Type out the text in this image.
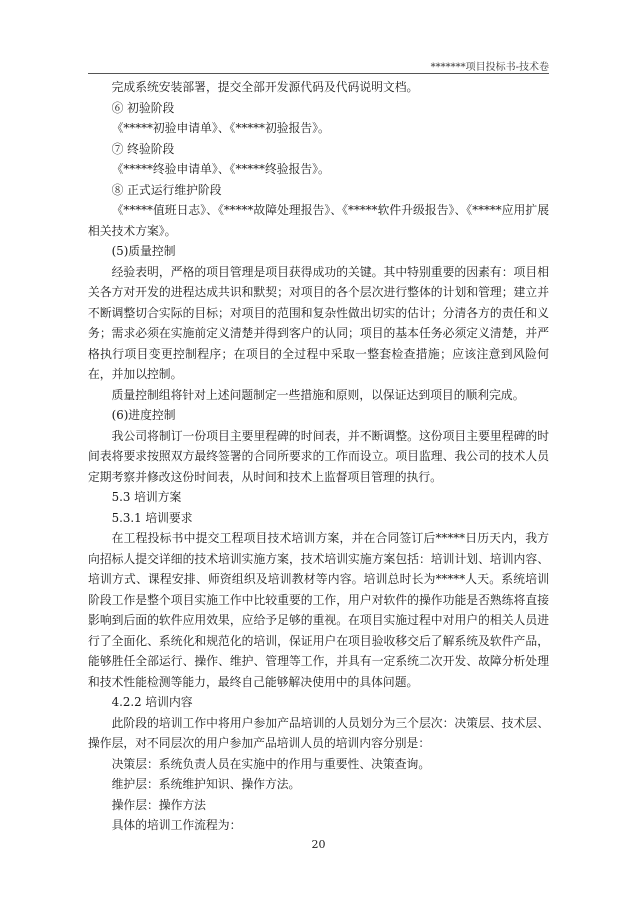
*******项目投标书-技术卷

完成系统安装部署，提交全部开发源代码及代码说明文档。

⑥ 初验阶段

《*****初验申请单》、《*****初验报告》。

⑦ 终验阶段

《*****终验申请单》、《*****终验报告》。

⑧ 正式运行维护阶段

《*****值班日志》、《*****故障处理报告》、《*****软件升级报告》、《*****应用扩展相关技术方案》。

(5)质量控制

经验表明，严格的项目管理是项目获得成功的关键。其中特别重要的因素有：项目相关各方对开发的进程达成共识和默契；对项目的各个层次进行整体的计划和管理；建立并不断调整切合实际的目标；对项目的范围和复杂性做出切实的估计；分清各方的责任和义务；需求必须在实施前定义清楚并得到客户的认同；项目的基本任务必须定义清楚，并严格执行项目变更控制程序；在项目的全过程中采取一整套检查措施；应该注意到风险何在，并加以控制。

质量控制组将针对上述问题制定一些措施和原则，以保证达到项目的顺利完成。

(6)进度控制

我公司将制订一份项目主要里程碑的时间表，并不断调整。这份项目主要里程碑的时间表将要求按照双方最终签署的合同所要求的工作而设立。项目监理、我公司的技术人员定期考察并修改这份时间表，从时间和技术上监督项目管理的执行。

5.3 培训方案

5.3.1 培训要求

在工程投标书中提交工程项目技术培训方案，并在合同签订后*****日历天内，我方向招标人提交详细的技术培训实施方案，技术培训实施方案包括：培训计划、培训内容、培训方式、课程安排、师资组织及培训教材等内容。培训总时长为*****人天。系统培训阶段工作是整个项目实施工作中比较重要的工作，用户对软件的操作功能是否熟练将直接影响到后面的软件应用效果，应给予足够的重视。在项目实施过程中对用户的相关人员进行了全面化、系统化和规范化的培训，保证用户在项目验收移交后了解系统及软件产品，能够胜任全部运行、操作、维护、管理等工作，并具有一定系统二次开发、故障分析处理和技术性能检测等能力，最终自己能够解决使用中的具体问题。

4.2.2 培训内容

此阶段的培训工作中将用户参加产品培训的人员划分为三个层次：决策层、技术层、操作层，对不同层次的用户参加产品培训人员的培训内容分别是：

决策层：系统负责人员在实施中的作用与重要性、决策查询。

维护层：系统维护知识、操作方法。

操作层：操作方法

具体的培训工作流程为：

20
